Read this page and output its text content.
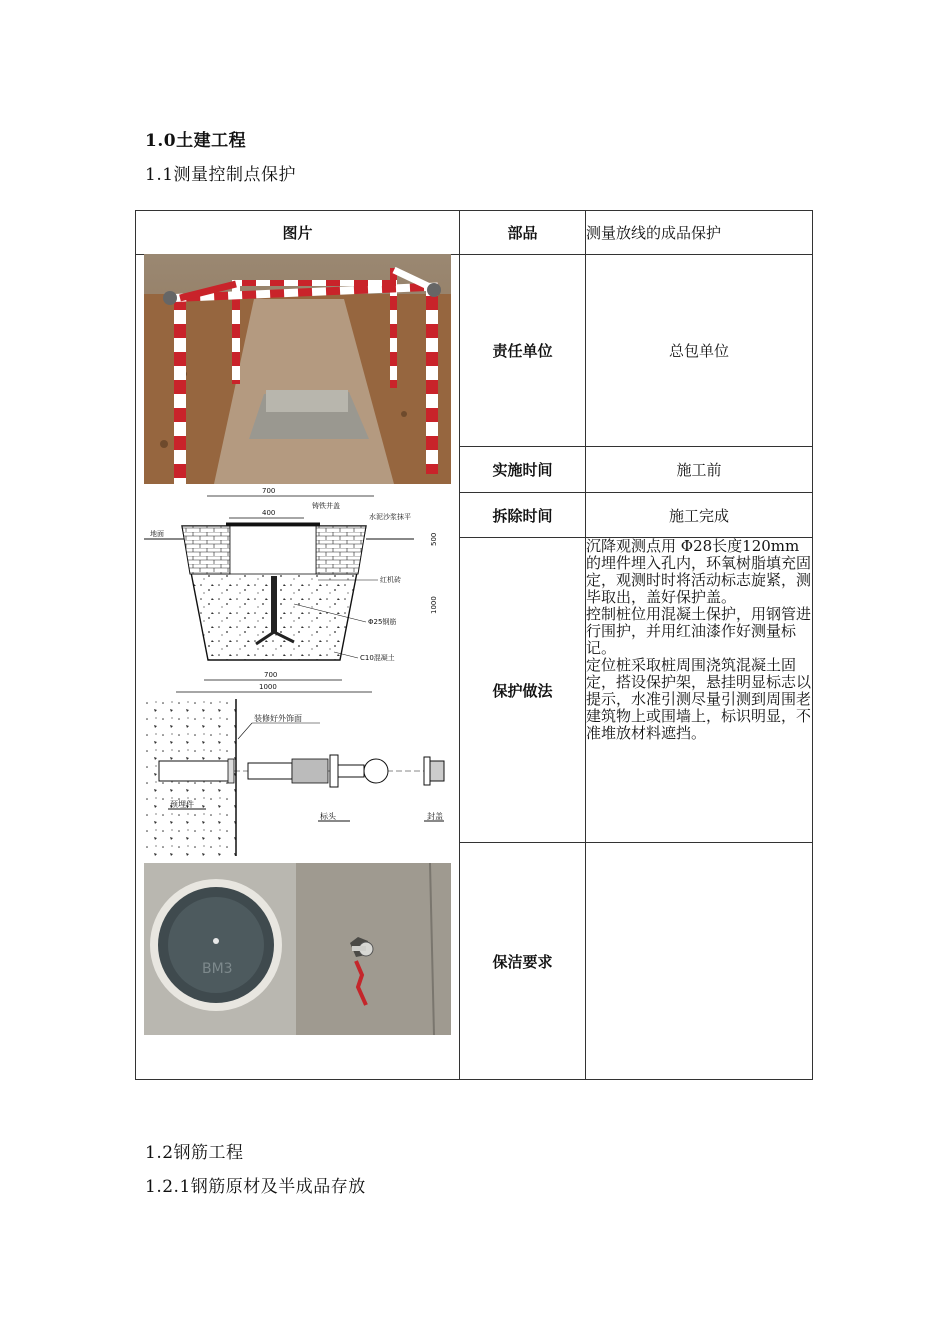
1.0土建工程
1.1测量控制点保护
图片	部品	测量放线的成品保护
	责任单位	总包单位
	实施时间	施工前
	拆除时间	施工完成
	保护做法	沉降观测点用 Φ28长度120mm的埋件埋入孔内，环氧树脂填充固定，观测时时将活动标志旋紧，测毕取出，盖好保护盖。

控制桩位用混凝土保护，用钢管进行围护，并用红油漆作好测量标记。

定位桩采取桩周围浇筑混凝土固定，搭设保护架，悬挂明显标志以提示，水准引测尽量引测到周围老建筑物上或围墙上，标识明显，不准堆放材料遮挡。

	保洁要求	
700
400
铸铁井盖
水泥沙浆抹平
地面
红机砖
Φ25钢筋
C10混凝土
500
1000
700
1000
装修好外饰面
预埋件
标头	封盖
BM3
1.2钢筋工程
1.2.1钢筋原材及半成品存放
